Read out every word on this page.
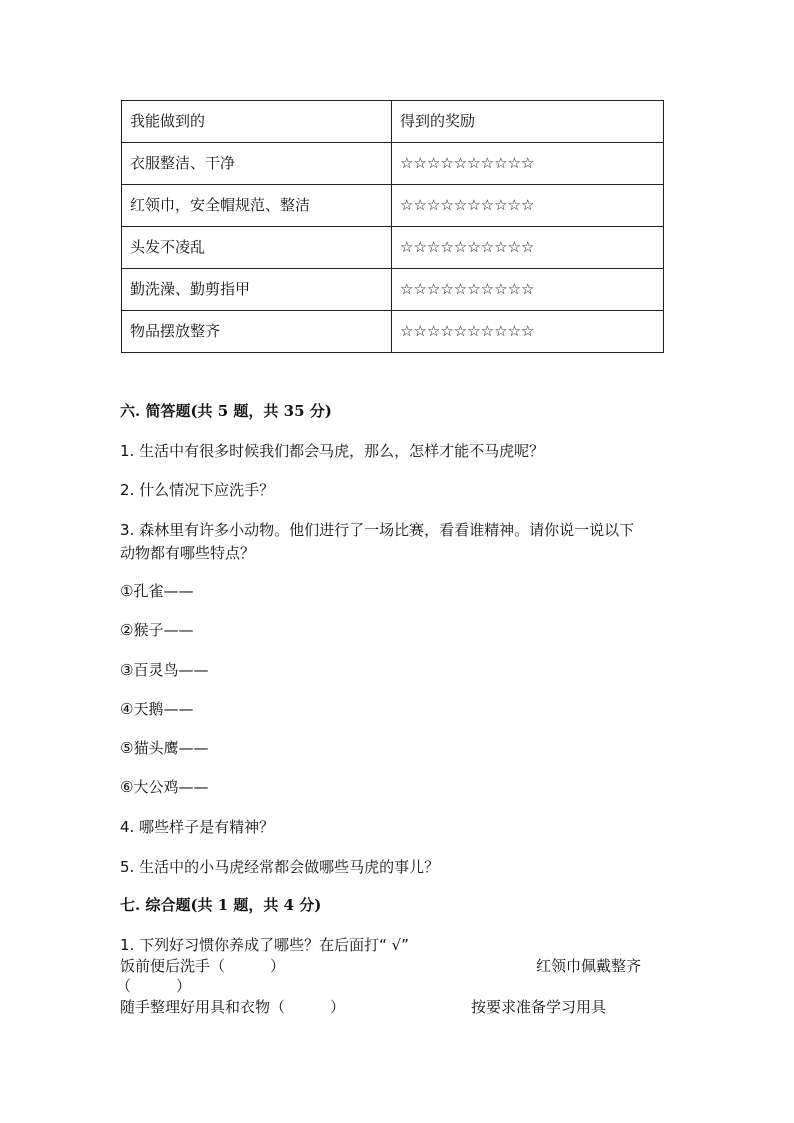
我能做到的	得到的奖励
衣服整洁、干净	☆☆☆☆☆☆☆☆☆☆
红领巾，安全帽规范、整洁	☆☆☆☆☆☆☆☆☆☆
头发不凌乱	☆☆☆☆☆☆☆☆☆☆
勤洗澡、勤剪指甲	☆☆☆☆☆☆☆☆☆☆
物品摆放整齐	☆☆☆☆☆☆☆☆☆☆
六. 简答题(共 5 题，共 35 分)
1. 生活中有很多时候我们都会马虎，那么，怎样才能不马虎呢？
2. 什么情况下应洗手？
3. 森林里有许多小动物。他们进行了一场比赛，看看谁精神。请你说一说以下
动物都有哪些特点？
①孔雀——
②猴子——
③百灵鸟——
④天鹅——
⑤猫头鹰——
⑥大公鸡——
4. 哪些样子是有精神？
5. 生活中的小马虎经常都会做哪些马虎的事儿？
七. 综合题(共 1 题，共 4 分)
1. 下列好习惯你养成了哪些？在后面打“ √”
饭前便后洗手（　　　）	红领巾佩戴整齐
（　　　）
随手整理好用具和衣物（　　　）	按要求准备学习用具
